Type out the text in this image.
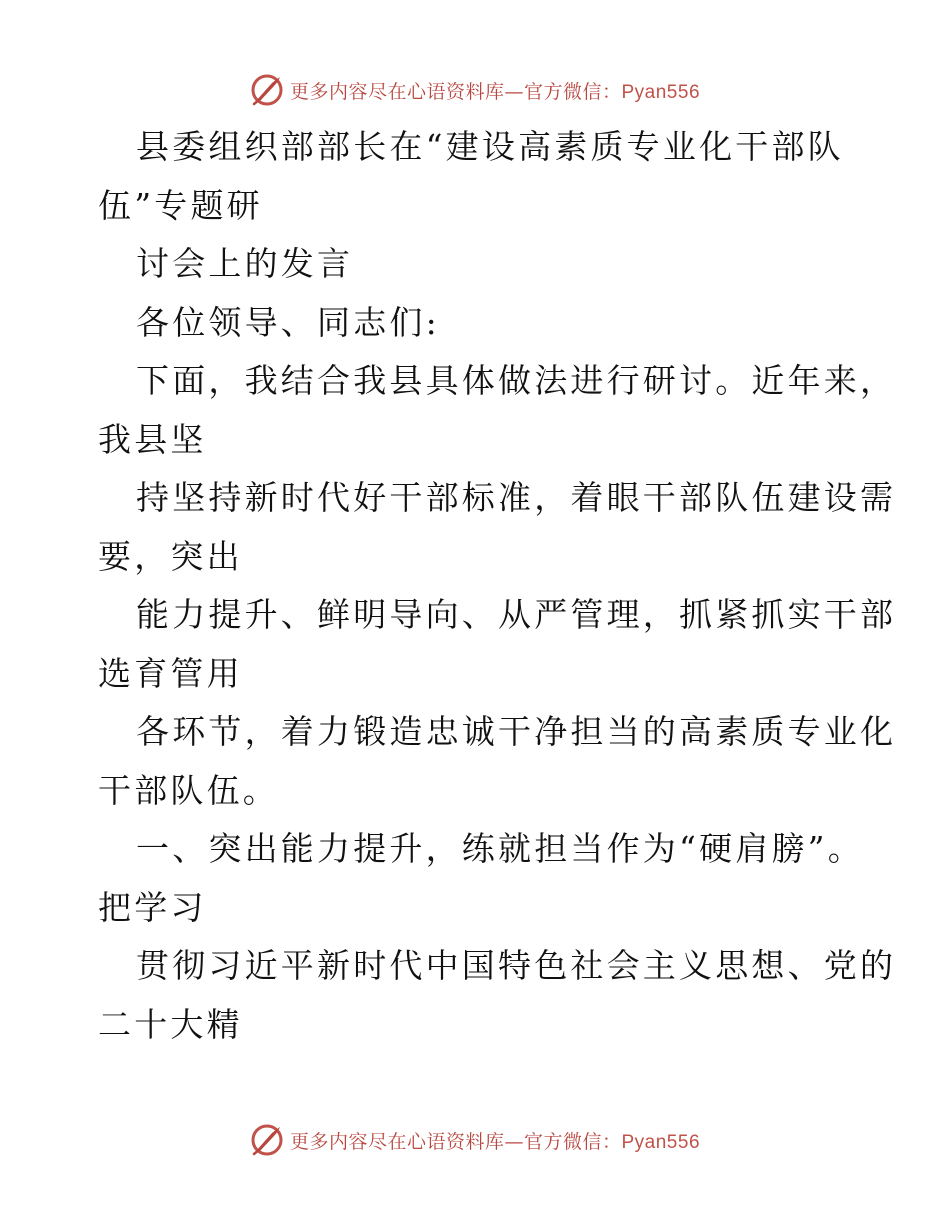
更多内容尽在心语资料库—官方微信：Pyan556

县委组织部部长在“建设高素质专业化干部队

伍”专题研

讨会上的发言

各位领导、同志们:

下面，我结合我县具体做法进行研讨。近年来，

我县坚

持坚持新时代好干部标准，着眼干部队伍建设需

要，突出

能力提升、鲜明导向、从严管理，抓紧抓实干部

选育管用

各环节，着力锻造忠诚干净担当的高素质专业化

干部队伍。

一、突出能力提升，练就担当作为“硬肩膀”。

把学习

贯彻习近平新时代中国特色社会主义思想、党的

二十大精

更多内容尽在心语资料库—官方微信：Pyan556
